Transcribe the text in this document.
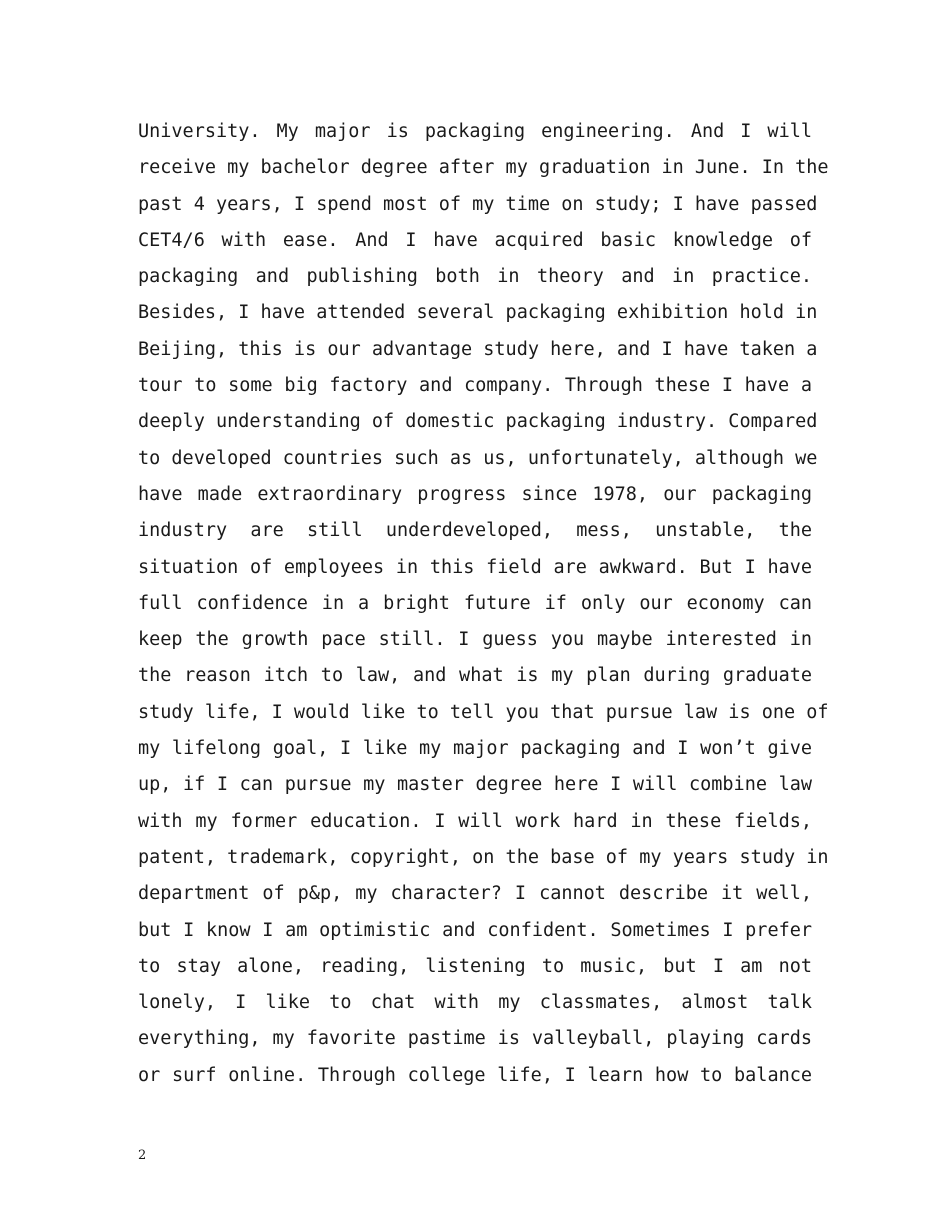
University. My major is packaging engineering. And I will
receive my bachelor degree after my graduation in June. In the
past 4 years, I spend most of my time on study; I have passed
CET4/6 with ease. And I have acquired basic knowledge of
packaging and publishing both in theory and in practice.
Besides, I have attended several packaging exhibition hold in
Beijing, this is our advantage study here, and I have taken a
tour to some big factory and company. Through these I have a
deeply understanding of domestic packaging industry. Compared
to developed countries such as us, unfortunately, although we
have made extraordinary progress since 1978, our packaging
industry are still underdeveloped, mess, unstable, the
situation of employees in this field are awkward. But I have
full confidence in a bright future if only our economy can
keep the growth pace still. I guess you maybe interested in
the reason itch to law, and what is my plan during graduate
study life, I would like to tell you that pursue law is one of
my lifelong goal, I like my major packaging and I won’t give
up, if I can pursue my master degree here I will combine law
with my former education. I will work hard in these fields,
patent, trademark, copyright, on the base of my years study in
department of p&p, my character? I cannot describe it well,
but I know I am optimistic and confident. Sometimes I prefer
to stay alone, reading, listening to music, but I am not
lonely, I like to chat with my classmates, almost talk
everything, my favorite pastime is valleyball, playing cards
or surf online. Through college life, I learn how to balance
2
